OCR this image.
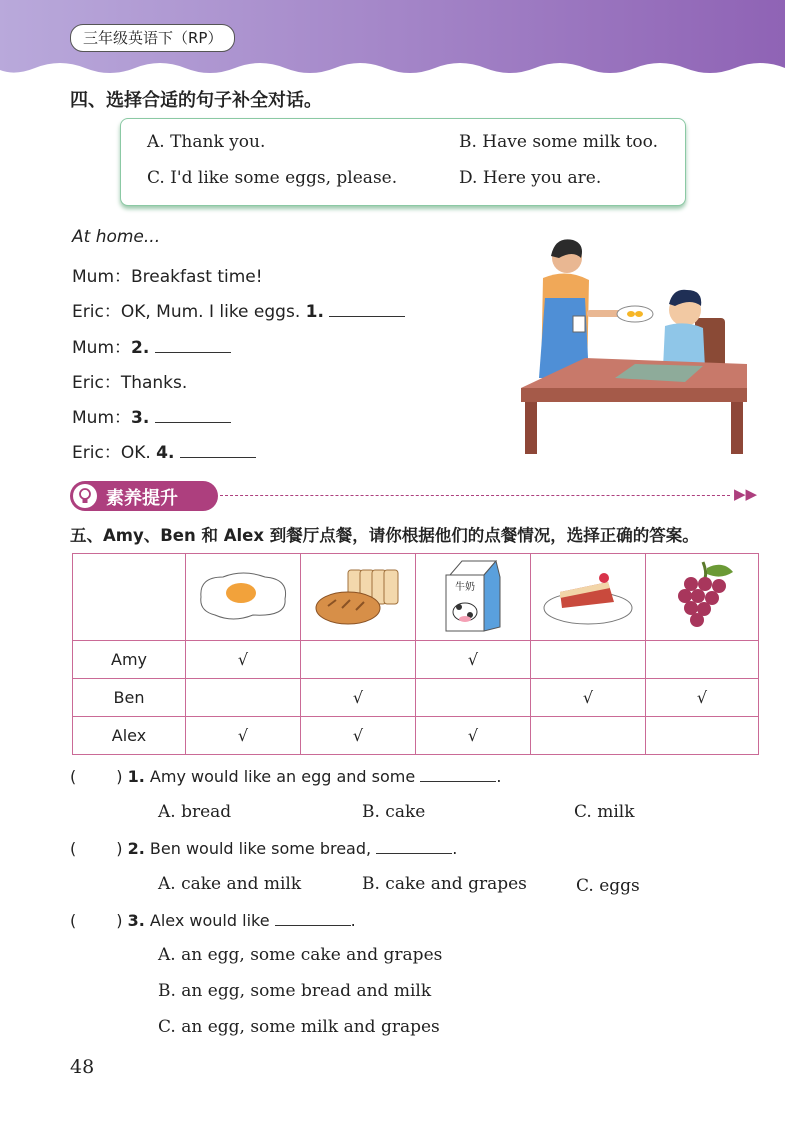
三年级英语下（RP）
四、选择合适的句子补全对话。
A. Thank you.	B. Have some milk too.
C. I'd like some eggs, please.	D. Here you are.
At home...
Mum：Breakfast time!
Eric：OK, Mum. I like eggs. 1.
Mum：2.
Eric：Thanks.
Mum：3.
Eric：OK. 4.
素养提升	▶▶
五、Amy、Ben 和 Alex 到餐厅点餐，请你根据他们的点餐情况，选择正确的答案。

牛奶

Amy	√		√		
Ben		√		√	√
Alex	√	√	√		
(	) 1. Amy would like an egg and some	.
A. bread	B. cake	C. milk
(	) 2. Ben would like some bread,	.
A. cake and milk	B. cake and grapes	C. eggs
(	) 3. Alex would like	.
A. an egg, some cake and grapes
B. an egg, some bread and milk
C. an egg, some milk and grapes
48
